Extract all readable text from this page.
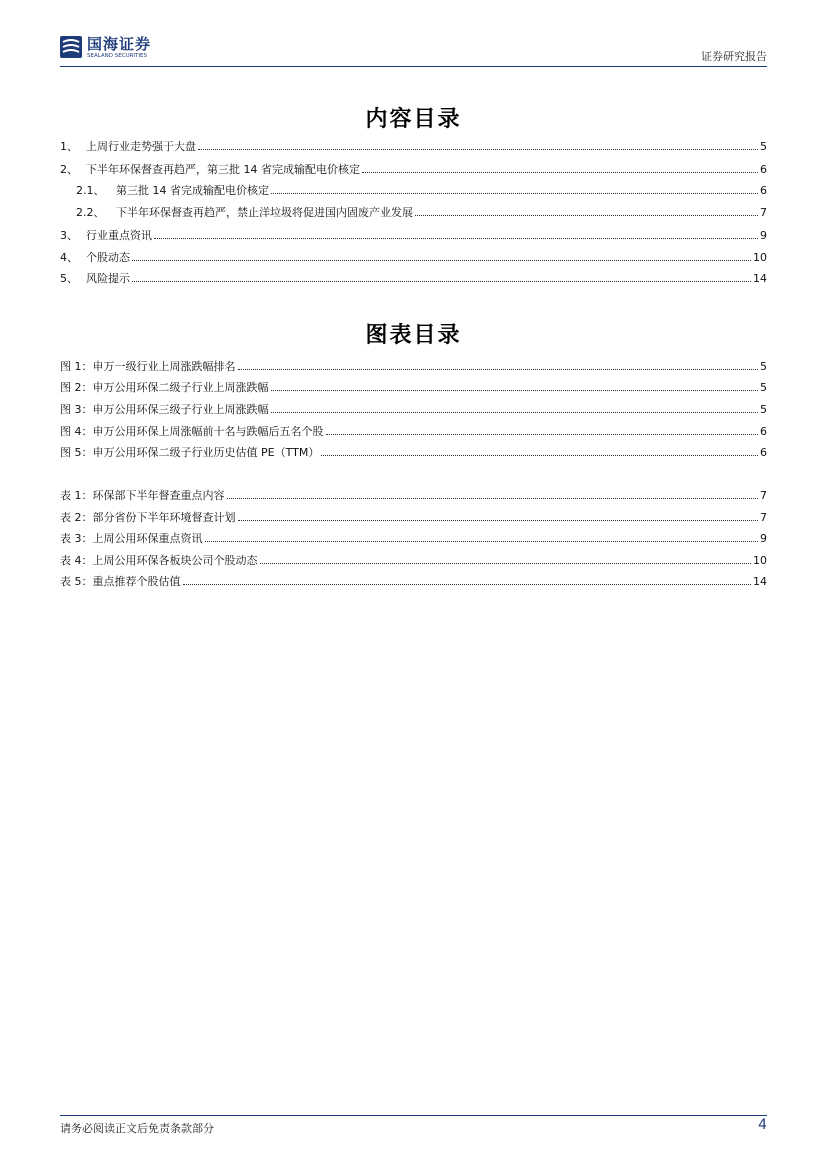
国海证券
SEALAND SECURITIES	证券研究报告
内容目录
1、 上周行业走势强于大盘	5
2、 下半年环保督查再趋严，第三批 14 省完成输配电价核定	6
2.1、	第三批 14 省完成输配电价核定	6
2.2、	下半年环保督查再趋严，禁止洋垃圾将促进国内固废产业发展	7
3、 行业重点资讯	9
4、 个股动态	10
5、 风险提示	14
图表目录
图 1： 申万一级行业上周涨跌幅排名	5
图 2： 申万公用环保二级子行业上周涨跌幅	5
图 3： 申万公用环保三级子行业上周涨跌幅	5
图 4： 申万公用环保上周涨幅前十名与跌幅后五名个股	6
图 5： 申万公用环保二级子行业历史估值 PE（TTM）	6
表 1： 环保部下半年督查重点内容	7
表 2： 部分省份下半年环境督查计划	7
表 3： 上周公用环保重点资讯	9
表 4： 上周公用环保各板块公司个股动态	10
表 5： 重点推荐个股估值	14
请务必阅读正文后免责条款部分	4
